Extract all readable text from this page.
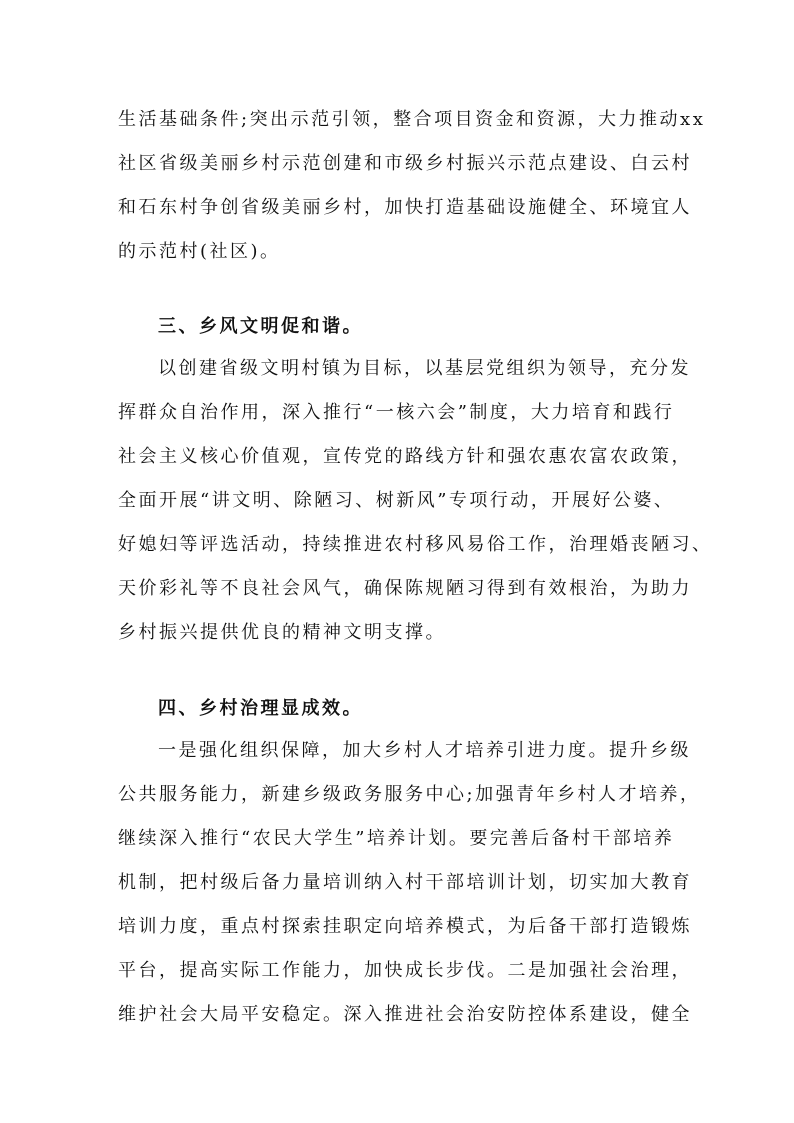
生活基础条件;突出示范引领，整合项目资金和资源，大力推动xx
社区省级美丽乡村示范创建和市级乡村振兴示范点建设、白云村
和石东村争创省级美丽乡村，加快打造基础设施健全、环境宜人
的示范村(社区)。
三、乡风文明促和谐。
以创建省级文明村镇为目标，以基层党组织为领导，充分发
挥群众自治作用，深入推行“一核六会”制度，大力培育和践行
社会主义核心价值观，宣传党的路线方针和强农惠农富农政策，
全面开展“讲文明、除陋习、树新风”专项行动，开展好公婆、
好媳妇等评选活动，持续推进农村移风易俗工作，治理婚丧陋习、
天价彩礼等不良社会风气，确保陈规陋习得到有效根治，为助力
乡村振兴提供优良的精神文明支撑。
四、乡村治理显成效。
一是强化组织保障，加大乡村人才培养引进力度。提升乡级
公共服务能力，新建乡级政务服务中心;加强青年乡村人才培养，
继续深入推行“农民大学生”培养计划。要完善后备村干部培养
机制，把村级后备力量培训纳入村干部培训计划，切实加大教育
培训力度，重点村探索挂职定向培养模式，为后备干部打造锻炼
平台，提高实际工作能力，加快成长步伐。二是加强社会治理，
维护社会大局平安稳定。深入推进社会治安防控体系建设，健全
